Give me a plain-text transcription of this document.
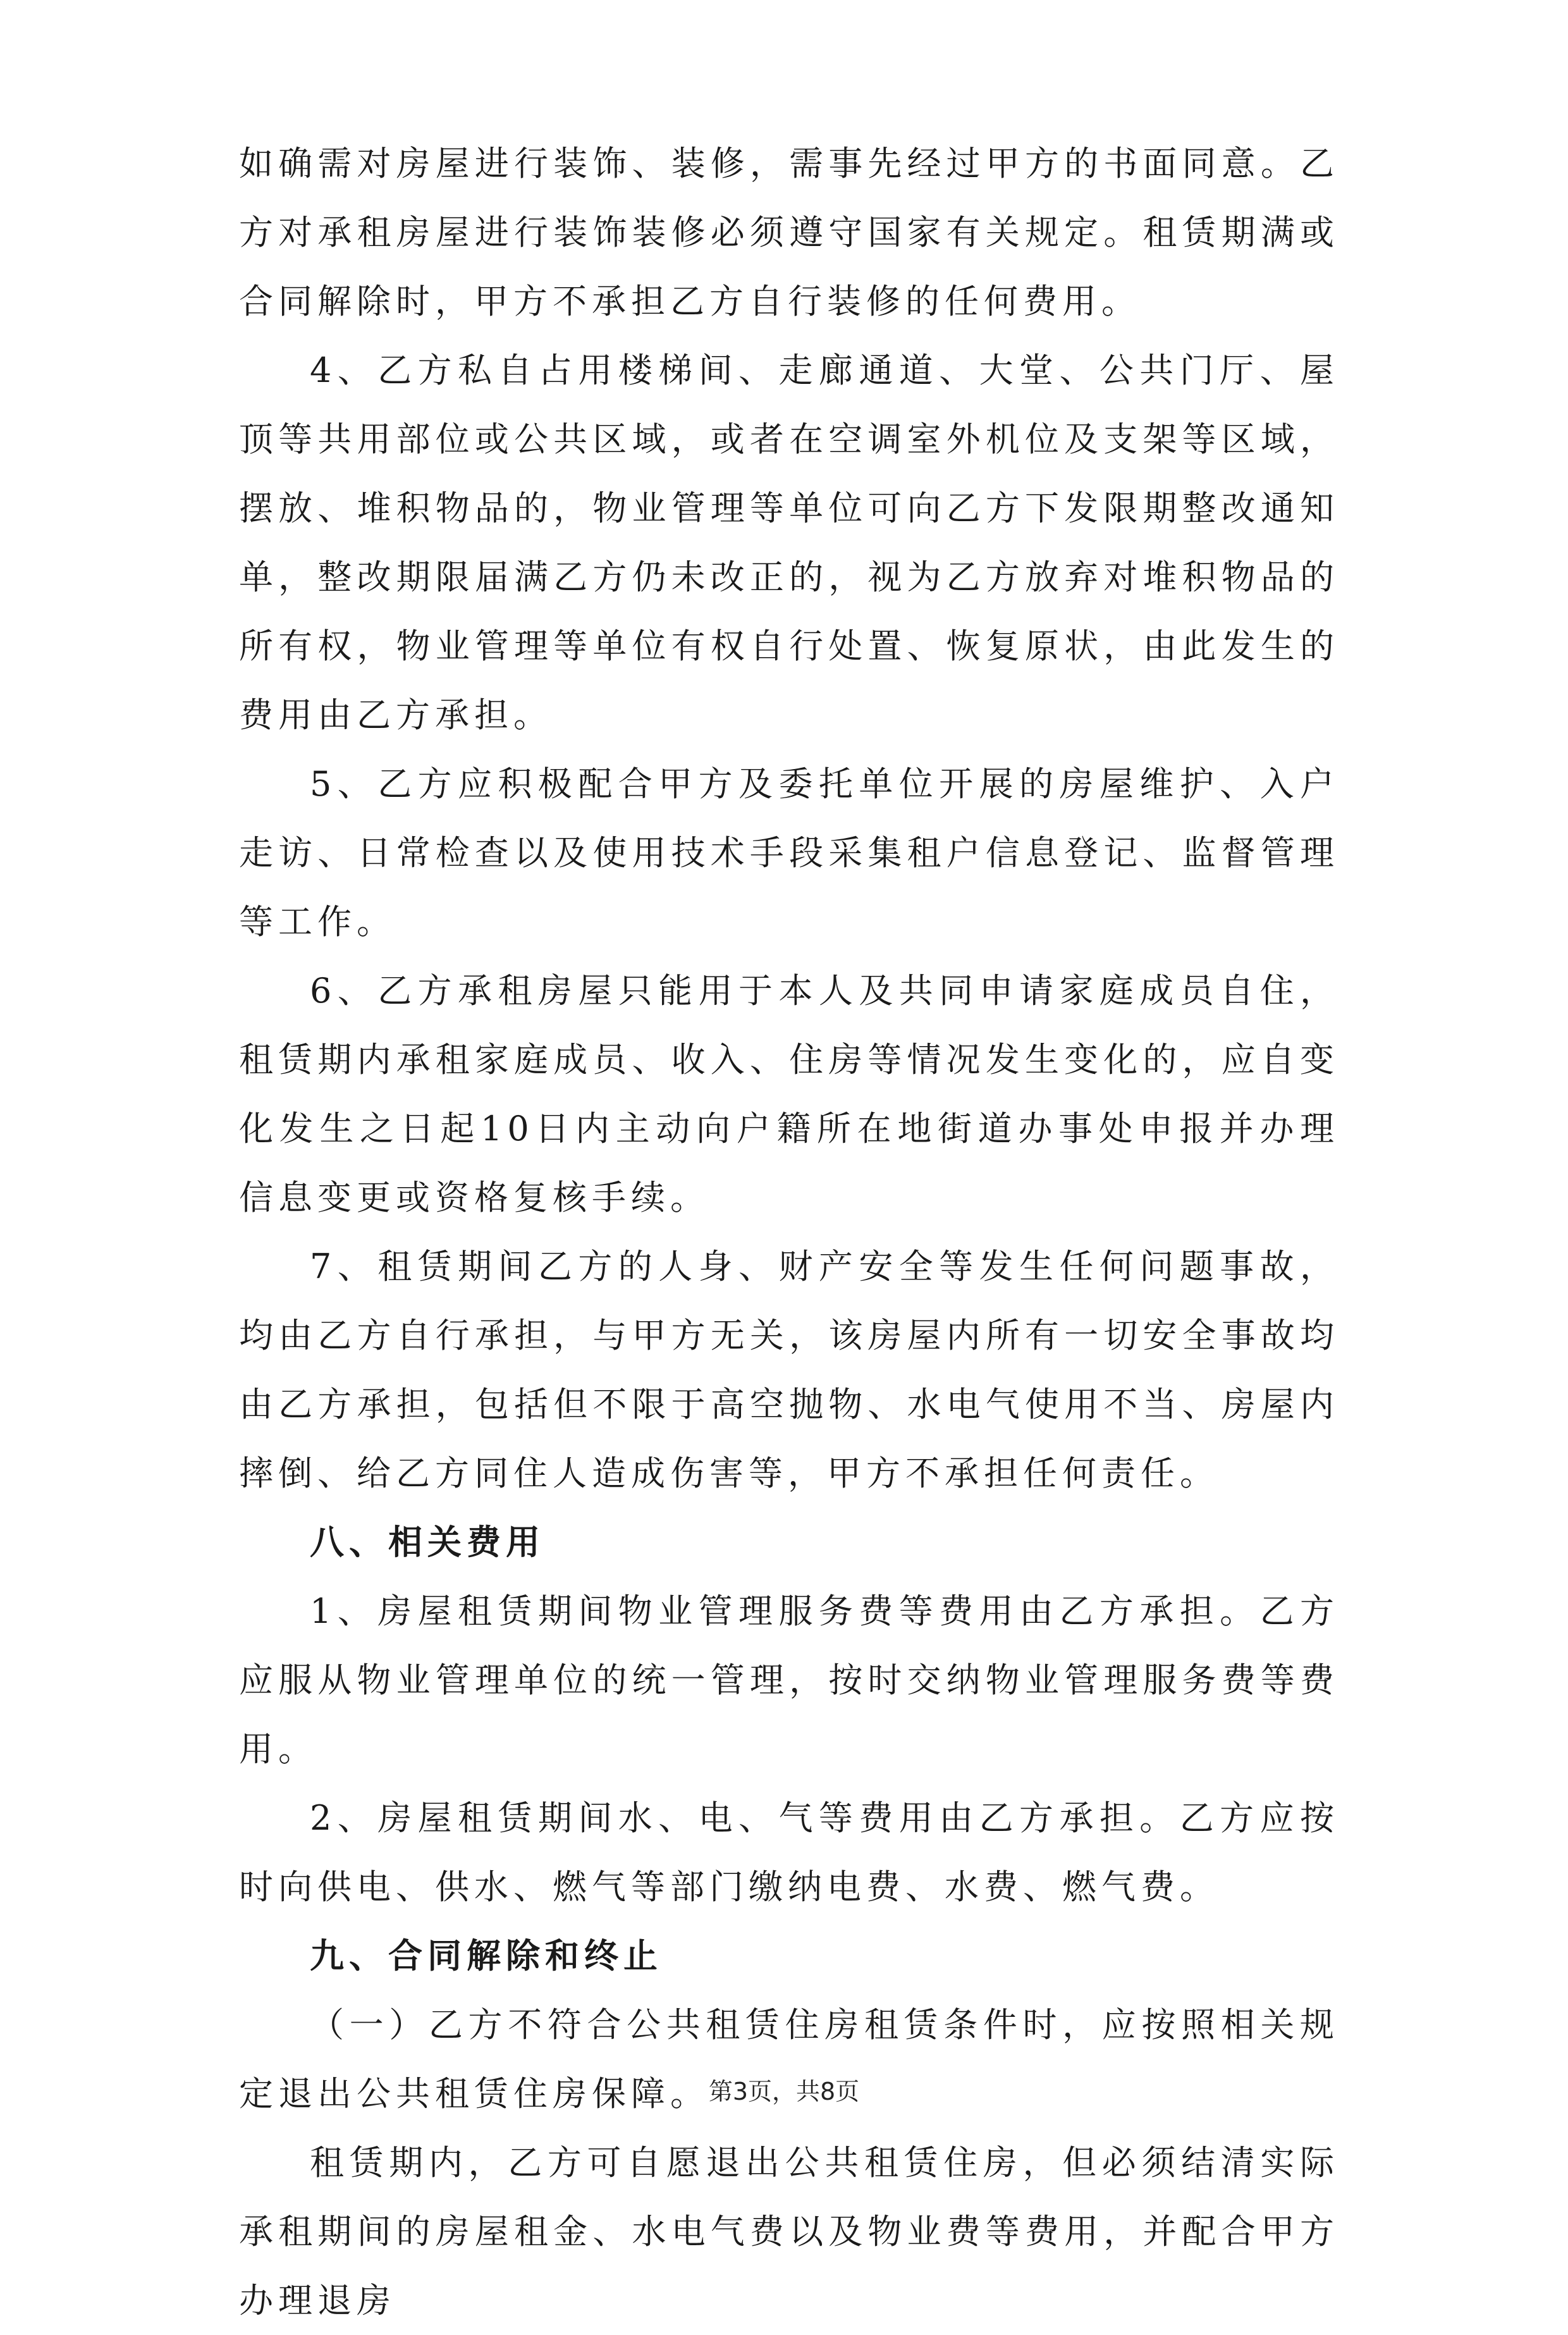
如确需对房屋进行装饰、装修，需事先经过甲方的书面同意。乙方对承租房屋进行装饰装修必须遵守国家有关规定。租赁期满或合同解除时，甲方不承担乙方自行装修的任何费用。

4、乙方私自占用楼梯间、走廊通道、大堂、公共门厅、屋顶等共用部位或公共区域，或者在空调室外机位及支架等区域，摆放、堆积物品的，物业管理等单位可向乙方下发限期整改通知单，整改期限届满乙方仍未改正的，视为乙方放弃对堆积物品的所有权，物业管理等单位有权自行处置、恢复原状，由此发生的费用由乙方承担。

5、乙方应积极配合甲方及委托单位开展的房屋维护、入户走访、日常检查以及使用技术手段采集租户信息登记、监督管理等工作。

6、乙方承租房屋只能用于本人及共同申请家庭成员自住，租赁期内承租家庭成员、收入、住房等情况发生变化的，应自变化发生之日起10日内主动向户籍所在地街道办事处申报并办理信息变更或资格复核手续。

7、租赁期间乙方的人身、财产安全等发生任何问题事故，均由乙方自行承担，与甲方无关，该房屋内所有一切安全事故均由乙方承担，包括但不限于高空抛物、水电气使用不当、房屋内摔倒、给乙方同住人造成伤害等，甲方不承担任何责任。

八、相关费用

1、房屋租赁期间物业管理服务费等费用由乙方承担。乙方应服从物业管理单位的统一管理，按时交纳物业管理服务费等费用。

2、房屋租赁期间水、电、气等费用由乙方承担。乙方应按时向供电、供水、燃气等部门缴纳电费、水费、燃气费。

九、合同解除和终止

（一）乙方不符合公共租赁住房租赁条件时，应按照相关规定退出公共租赁住房保障。

租赁期内，乙方可自愿退出公共租赁住房，但必须结清实际承租期间的房屋租金、水电气费以及物业费等费用，并配合甲方办理退房

第3页，共8页
